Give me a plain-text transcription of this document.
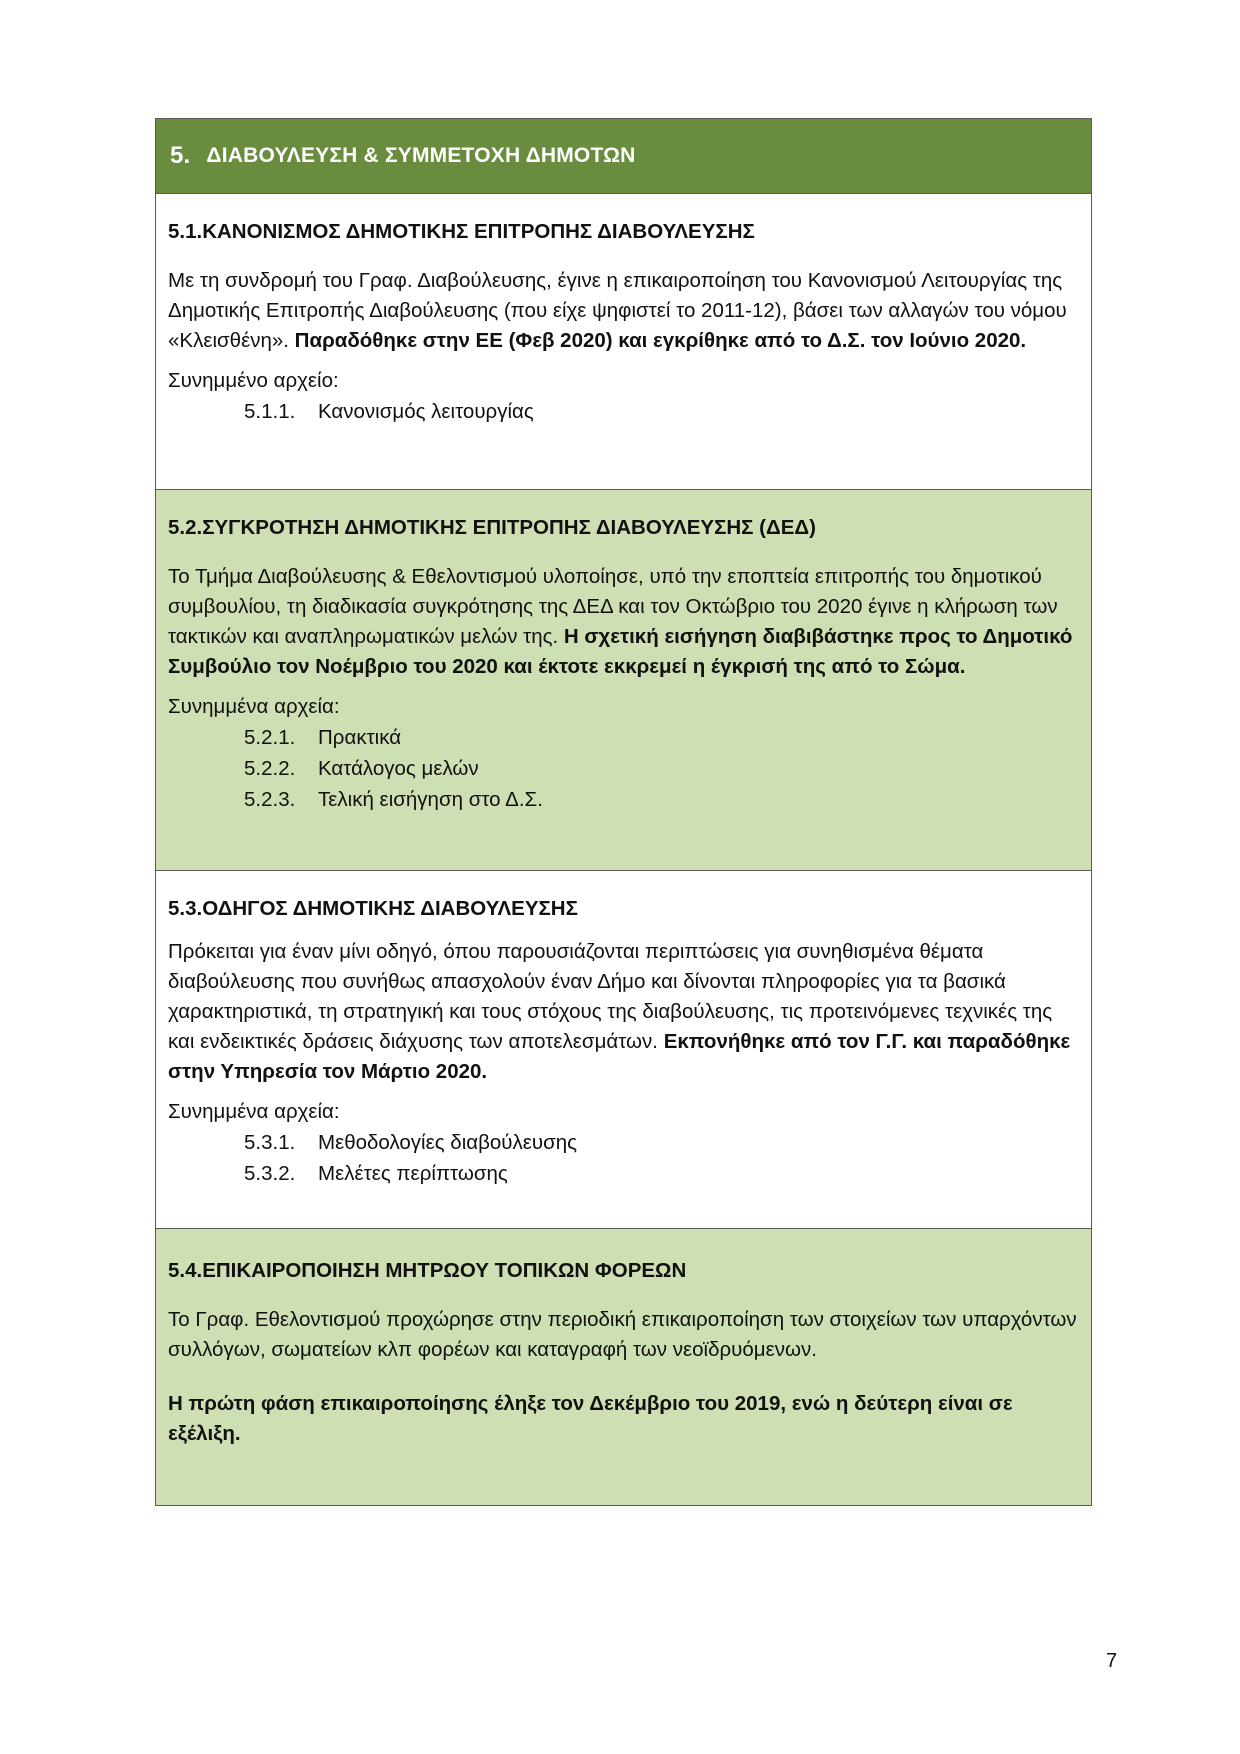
5. ΔΙΑΒΟΥΛΕΥΣΗ & ΣΥΜΜΕΤΟΧΗ ΔΗΜΟΤΩΝ
5.1.ΚΑΝΟΝΙΣΜΟΣ ΔΗΜΟΤΙΚΗΣ ΕΠΙΤΡΟΠΗΣ ΔΙΑΒΟΥΛΕΥΣΗΣ

Με τη συνδρομή του Γραφ. Διαβούλευσης, έγινε η επικαιροποίηση του Κανονισμού Λειτουργίας της Δημοτικής Επιτροπής Διαβούλευσης (που είχε ψηφιστεί το 2011-12), βάσει των αλλαγών του νόμου «Κλεισθένη». Παραδόθηκε στην ΕΕ (Φεβ 2020) και εγκρίθηκε από το Δ.Σ. τον Ιούνιο 2020.

Συνημμένο αρχείο:

5.1.1.	Κανονισμός λειτουργίας
5.2.ΣΥΓΚΡΟΤΗΣΗ ΔΗΜΟΤΙΚΗΣ ΕΠΙΤΡΟΠΗΣ ΔΙΑΒΟΥΛΕΥΣΗΣ (ΔΕΔ)

Το Τμήμα Διαβούλευσης & Εθελοντισμού υλοποίησε, υπό την εποπτεία επιτροπής του δημοτικού συμβουλίου, τη διαδικασία συγκρότησης της ΔΕΔ και τον Οκτώβριο του 2020 έγινε η κλήρωση των τακτικών και αναπληρωματικών μελών της. Η σχετική εισήγηση διαβιβάστηκε προς το Δημοτικό Συμβούλιο τον Νοέμβριο του 2020 και έκτοτε εκκρεμεί η έγκρισή της από το Σώμα.

Συνημμένα αρχεία:

5.2.1.	Πρακτικά
5.2.2.	Κατάλογος μελών
5.2.3.	Τελική εισήγηση στο Δ.Σ.
5.3.ΟΔΗΓΟΣ ΔΗΜΟΤΙΚΗΣ ΔΙΑΒΟΥΛΕΥΣΗΣ

Πρόκειται για έναν μίνι οδηγό, όπου παρουσιάζονται περιπτώσεις για συνηθισμένα θέματα διαβούλευσης που συνήθως απασχολούν έναν Δήμο και δίνονται πληροφορίες για τα βασικά χαρακτηριστικά, τη στρατηγική και τους στόχους της διαβούλευσης, τις προτεινόμενες τεχνικές της και ενδεικτικές δράσεις διάχυσης των αποτελεσμάτων. Εκπονήθηκε από τον Γ.Γ. και παραδόθηκε στην Υπηρεσία τον Μάρτιο 2020.

Συνημμένα αρχεία:

5.3.1.	Μεθοδολογίες διαβούλευσης
5.3.2.	Μελέτες περίπτωσης
5.4.ΕΠΙΚΑΙΡΟΠΟΙΗΣΗ ΜΗΤΡΩΟΥ ΤΟΠΙΚΩΝ ΦΟΡΕΩΝ

Το Γραφ. Εθελοντισμού προχώρησε στην περιοδική επικαιροποίηση των στοιχείων των υπαρχόντων συλλόγων, σωματείων κλπ φορέων και καταγραφή των νεοϊδρυόμενων.

Η πρώτη φάση επικαιροποίησης έληξε τον Δεκέμβριο του 2019, ενώ η δεύτερη είναι σε εξέλιξη.

7
